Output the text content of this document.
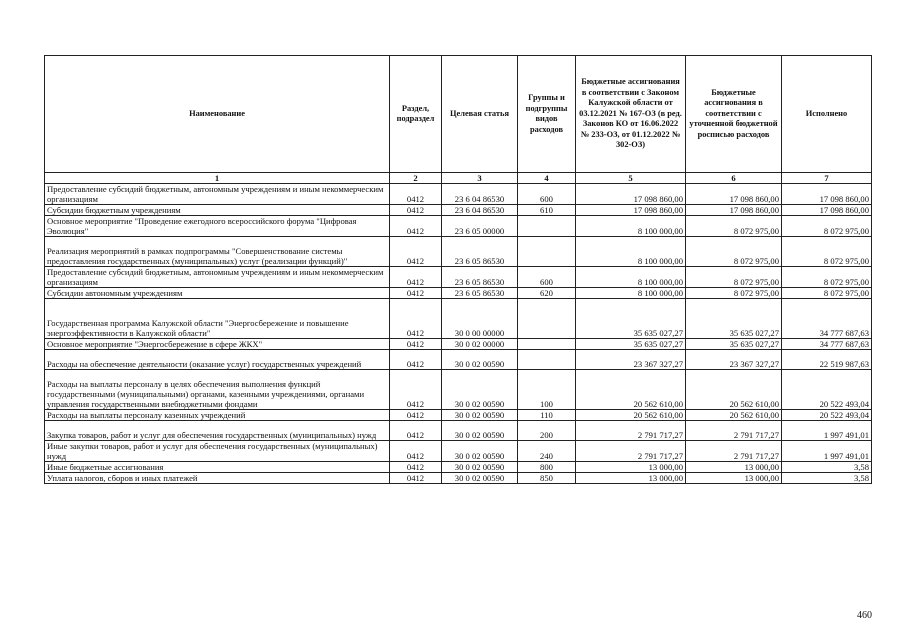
Наименование	Раздел, подраздел	Целевая статья	Группы и подгруппы видов расходов	Бюджетные ассигнования в соответствии с Законом Калужской области от 03.12.2021 № 167-ОЗ (в ред. Законов КО от 16.06.2022 № 233-ОЗ, от 01.12.2022 № 302-ОЗ)	Бюджетные ассигнования в соответствии с уточненной бюджетной росписью расходов	Исполнено
1	2	3	4	5	6	7
Предоставление субсидий бюджетным, автономным учреждениям и иным некоммерческим организациям	0412	23 6 04 86530	600	17 098 860,00	17 098 860,00	17 098 860,00
Субсидии бюджетным учреждениям	0412	23 6 04 86530	610	17 098 860,00	17 098 860,00	17 098 860,00
Основное мероприятие "Проведение ежегодного всероссийского форума "Цифровая Эволюция"	0412	23 6 05 00000		8 100 000,00	8 072 975,00	8 072 975,00
Реализация мероприятий в рамках подпрограммы "Совершенствование системы предоставления государственных (муниципальных) услуг (реализации функций)"	0412	23 6 05 86530		8 100 000,00	8 072 975,00	8 072 975,00
Предоставление субсидий бюджетным, автономным учреждениям и иным некоммерческим организациям	0412	23 6 05 86530	600	8 100 000,00	8 072 975,00	8 072 975,00
Субсидии автономным учреждениям	0412	23 6 05 86530	620	8 100 000,00	8 072 975,00	8 072 975,00
Государственная программа Калужской области "Энергосбережение и повышение энергоэффективности в Калужской области"	0412	30 0 00 00000		35 635 027,27	35 635 027,27	34 777 687,63
Основное мероприятие "Энергосбережение в сфере ЖКХ"	0412	30 0 02 00000		35 635 027,27	35 635 027,27	34 777 687,63
Расходы на обеспечение деятельности (оказание услуг) государственных учреждений	0412	30 0 02 00590		23 367 327,27	23 367 327,27	22 519 987,63
Расходы на выплаты персоналу в целях обеспечения выполнения функций государственными (муниципальными) органами, казенными учреждениями, органами управления государственными внебюджетными фондами	0412	30 0 02 00590	100	20 562 610,00	20 562 610,00	20 522 493,04
Расходы на выплаты персоналу казенных учреждений	0412	30 0 02 00590	110	20 562 610,00	20 562 610,00	20 522 493,04
Закупка товаров, работ и услуг для обеспечения государственных (муниципальных) нужд	0412	30 0 02 00590	200	2 791 717,27	2 791 717,27	1 997 491,01
Иные закупки товаров, работ и услуг для обеспечения государственных (муниципальных) нужд	0412	30 0 02 00590	240	2 791 717,27	2 791 717,27	1 997 491,01
Иные бюджетные ассигнования	0412	30 0 02 00590	800	13 000,00	13 000,00	3,58
Уплата налогов, сборов и иных платежей	0412	30 0 02 00590	850	13 000,00	13 000,00	3,58
460
